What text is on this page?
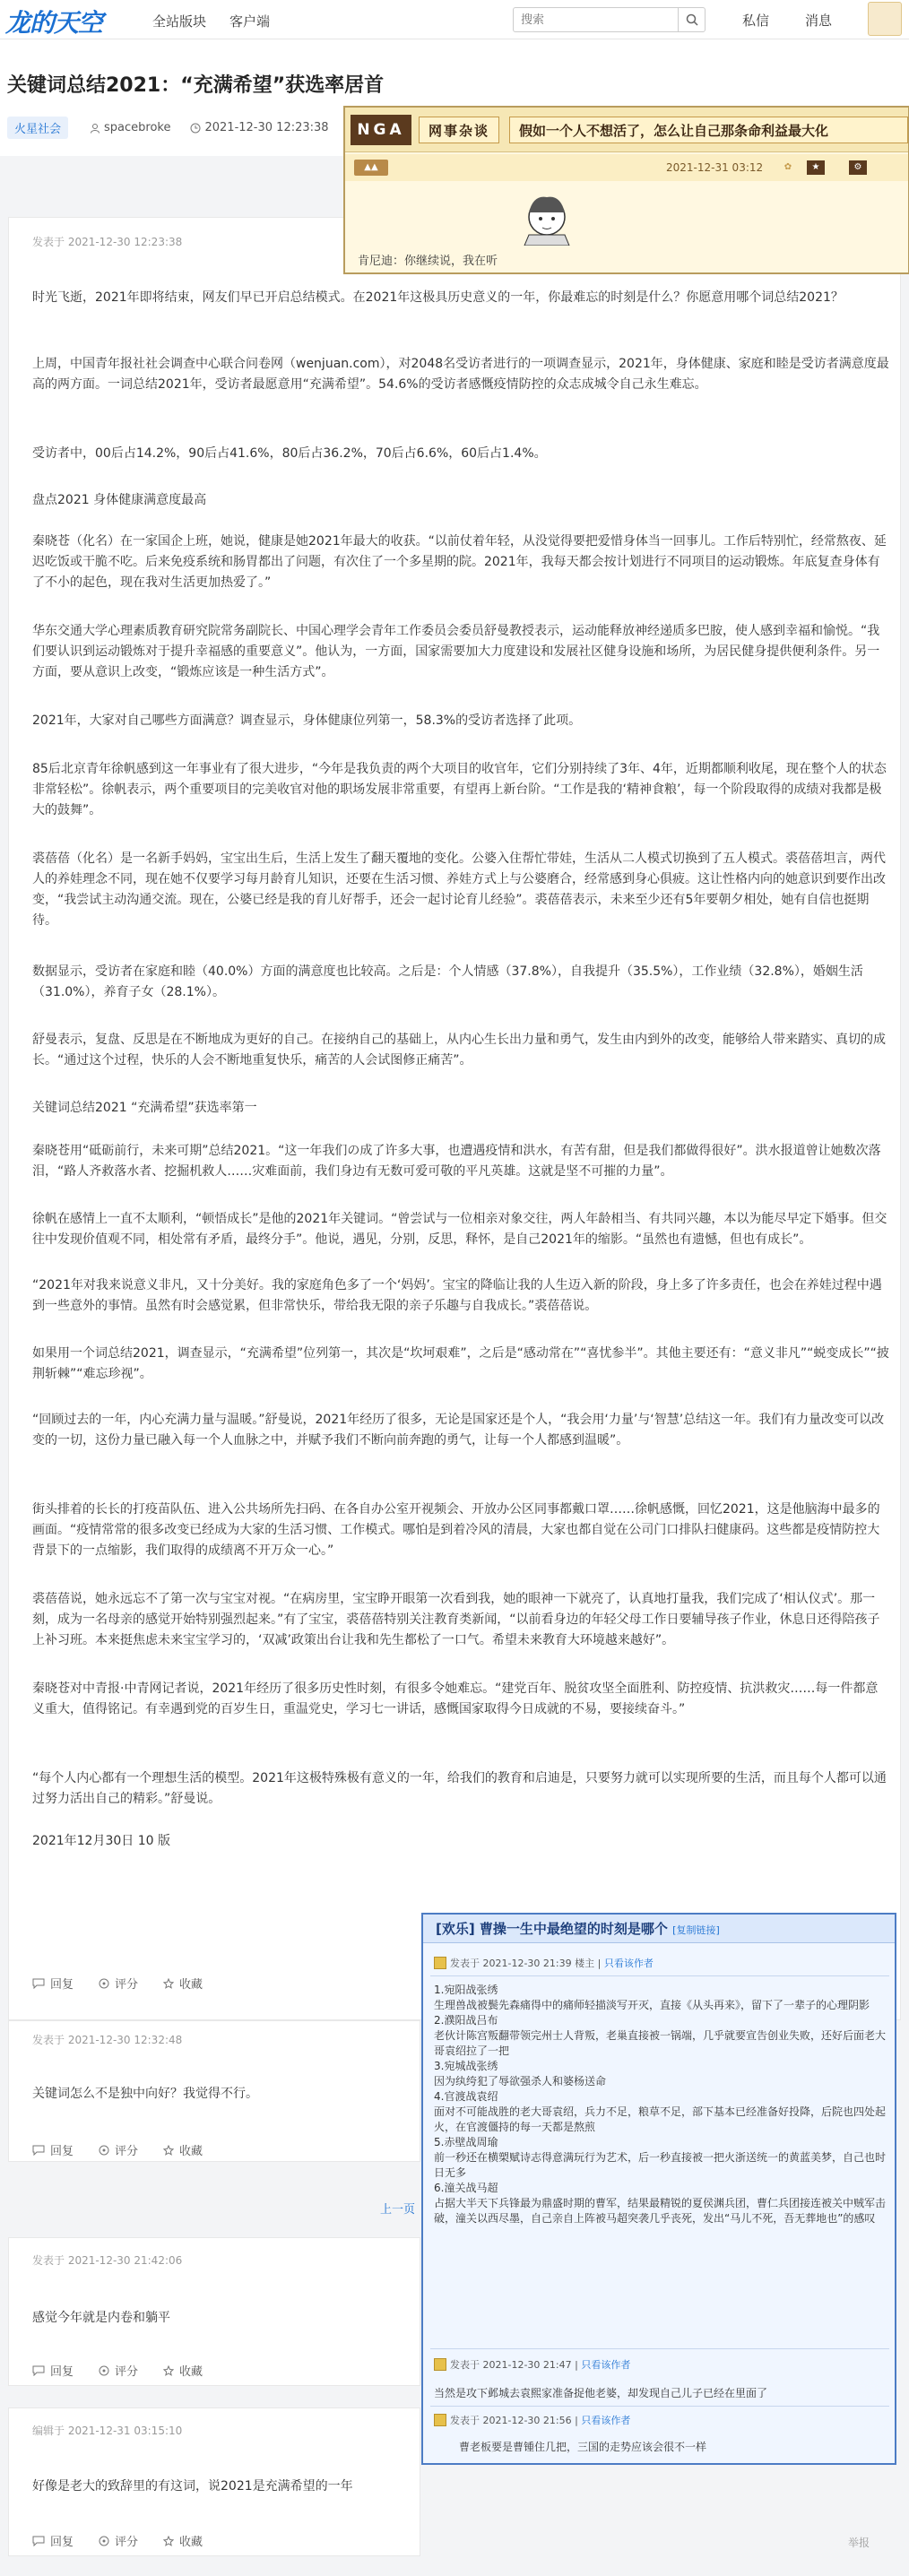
龙的天空	全站版块 客户端
搜索	私信	消息
关键词总结2021：“充满希望”获选率居首
火星社会	spacebroke	2021-12-30 12:23:38
发表于 2021-12-30 12:23:38

时光飞逝，2021年即将结束，网友们早已开启总结模式。在2021年这极具历史意义的一年，你最难忘的时刻是什么？你愿意用哪个词总结2021？

上周，中国青年报社社会调查中心联合问卷网（wenjuan.com），对2048名受访者进行的一项调查显示，2021年，身体健康、家庭和睦是受访者满意度最高的两方面。一词总结2021年，受访者最愿意用“充满希望”。54.6%的受访者感慨疫情防控的众志成城令自己永生难忘。

受访者中，00后占14.2%，90后占41.6%，80后占36.2%，70后占6.6%，60后占1.4%。

盘点2021 身体健康满意度最高

秦晓苍（化名）在一家国企上班，她说，健康是她2021年最大的收获。“以前仗着年轻，从没觉得要把爱惜身体当一回事儿。工作后特别忙，经常熬夜、延迟吃饭或干脆不吃。后来免疫系统和肠胃都出了问题，有次住了一个多星期的院。2021年，我每天都会按计划进行不同项目的运动锻炼。年底复查身体有了不小的起色，现在我对生活更加热爱了。”

华东交通大学心理素质教育研究院常务副院长、中国心理学会青年工作委员会委员舒曼教授表示，运动能释放神经递质多巴胺，使人感到幸福和愉悦。“我们要认识到运动锻炼对于提升幸福感的重要意义”。他认为，一方面，国家需要加大力度建设和发展社区健身设施和场所，为居民健身提供便利条件。另一方面，要从意识上改变，“锻炼应该是一种生活方式”。

2021年，大家对自己哪些方面满意？调查显示，身体健康位列第一，58.3%的受访者选择了此项。

85后北京青年徐帆感到这一年事业有了很大进步，“今年是我负责的两个大项目的收官年，它们分别持续了3年、4年，近期都顺利收尾，现在整个人的状态非常轻松”。徐帆表示，两个重要项目的完美收官对他的职场发展非常重要，有望再上新台阶。“工作是我的‘精神食粮’，每一个阶段取得的成绩对我都是极大的鼓舞”。

裘蓓蓓（化名）是一名新手妈妈，宝宝出生后，生活上发生了翻天覆地的变化。公婆入住帮忙带娃，生活从二人模式切换到了五人模式。裘蓓蓓坦言，两代人的养娃理念不同，现在她不仅要学习每月龄育儿知识，还要在生活习惯、养娃方式上与公婆磨合，经常感到身心俱疲。这让性格内向的她意识到要作出改变，“我尝试主动沟通交流。现在，公婆已经是我的育儿好帮手，还会一起讨论育儿经验”。裘蓓蓓表示，未来至少还有5年要朝夕相处，她有自信也挺期待。

数据显示，受访者在家庭和睦（40.0%）方面的满意度也比较高。之后是：个人情感（37.8%），自我提升（35.5%），工作业绩（32.8%），婚姻生活（31.0%），养育子女（28.1%）。

舒曼表示，复盘、反思是在不断地成为更好的自己。在接纳自己的基础上，从内心生长出力量和勇气，发生由内到外的改变，能够给人带来踏实、真切的成长。“通过这个过程，快乐的人会不断地重复快乐，痛苦的人会试图修正痛苦”。

关键词总结2021 “充满希望”获选率第一

秦晓苍用“砥砺前行，未来可期”总结2021。“这一年我们の成了许多大事，也遭遇疫情和洪水，有苦有甜，但是我们都做得很好”。洪水报道曾让她数次落泪，“路人齐救落水者、挖掘机救人……灾难面前，我们身边有无数可爱可敬的平凡英雄。这就是坚不可摧的力量”。

徐帆在感情上一直不太顺利，“顿悟成长”是他的2021年关键词。“曾尝试与一位相亲对象交往，两人年龄相当、有共同兴趣，本以为能尽早定下婚事。但交往中发现价值观不同，相处常有矛盾，最终分手”。他说，遇见，分别，反思，释怀，是自己2021年的缩影。“虽然也有遗憾，但也有成长”。

“2021年对我来说意义非凡，又十分美好。我的家庭角色多了一个‘妈妈’。宝宝的降临让我的人生迈入新的阶段，身上多了许多责任，也会在养娃过程中遇到一些意外的事情。虽然有时会感觉累，但非常快乐，带给我无限的亲子乐趣与自我成长。”裘蓓蓓说。

如果用一个词总结2021，调查显示，“充满希望”位列第一，其次是“坎坷艰难”，之后是“感动常在”“喜忧参半”。其他主要还有：“意义非凡”“蜕变成长”“披荆斩棘”“难忘珍视”。

“回顾过去的一年，内心充满力量与温暖。”舒曼说，2021年经历了很多，无论是国家还是个人，“我会用‘力量’与‘智慧’总结这一年。我们有力量改变可以改变的一切，这份力量已融入每一个人血脉之中，并赋予我们不断向前奔跑的勇气，让每一个人都感到温暖”。

街头排着的长长的打疫苗队伍、进入公共场所先扫码、在各自办公室开视频会、开放办公区同事都戴口罩……徐帆感慨，回忆2021，这是他脑海中最多的画面。“疫情常常的很多改变已经成为大家的生活习惯、工作模式。哪怕是到着冷风的清晨，大家也都自觉在公司门口排队扫健康码。这些都是疫情防控大背景下的一点缩影，我们取得的成绩离不开万众一心。”

裘蓓蓓说，她永远忘不了第一次与宝宝对视。“在病房里，宝宝睁开眼第一次看到我，她的眼神一下就亮了，认真地打量我，我们完成了‘相认仪式’。那一刻，成为一名母亲的感觉开始特别强烈起来。”有了宝宝，裘蓓蓓特别关注教育类新闻，“以前看身边的年轻父母工作日要辅导孩子作业，休息日还得陪孩子上补习班。本来挺焦虑未来宝宝学习的，‘双减’政策出台让我和先生都松了一口气。希望未来教育大环境越来越好”。

秦晓苍对中青报·中青网记者说，2021年经历了很多历史性时刻，有很多令她难忘。“建党百年、脱贫攻坚全面胜利、防控疫情、抗洪救灾……每一件都意义重大，值得铭记。有幸遇到党的百岁生日，重温党史，学习七一讲话，感慨国家取得今日成就的不易，要接续奋斗。”

“每个人内心都有一个理想生活的模型。2021年这极特殊极有意义的一年，给我们的教育和启迪是，只要努力就可以实现所要的生活，而且每个人都可以通过努力活出自己的精彩。”舒曼说。

2021年12月30日 10 版

回复	评分	收藏
发表于 2021-12-30 12:32:48
关键词怎么不是独中向好？我觉得不行。
回复	评分	收藏
上一页
发表于 2021-12-30 21:42:06
感觉今年就是内卷和躺平
回复	评分	收藏
编辑于 2021-12-31 03:15:10
好像是老大的致辞里的有这词，说2021是充满希望的一年
回复	评分	收藏	举报
NGA	网事杂谈	假如一个人不想活了，怎么让自己那条命利益最大化
▲▲	2021-12-31 03:12	✿	★	⚙
肯尼迪：你继续说，我在听
[欢乐] 曹操一生中最绝望的时刻是哪个 [复制链接]
发表于 2021-12-30 21:39
楼主 | 只看该作者
1.宛阳战张绣
生理兽战被鬓先森痛得中的痛师轻描淡写开灭，直接《从头再来》，留下了一辈子的心理阴影
2.濮阳战吕布
老伙计陈宫叛翻带领完州士人背叛，老巢直接被一锅端，几乎就要宣告创业失败，还好后面老大哥袁绍拉了一把
3.宛城战张绣
因为纨绔犯了辱欲强杀人和婆杨送命
4.官渡战袁绍
面对不可能战胜的老大哥袁绍，兵力不足，粮草不足，部下基本已经准备好投降，后院也四处起火，在官渡僵持的每一天都是熬煎
5.赤壁战周瑜
前一秒还在横槊赋诗志得意满玩行为艺术，后一秒直接被一把火浙送统一的黄蓝美梦，自己也时日无多
6.潼关战马超
占据大半天下兵锋最为鼎盛时期的曹军，结果最精锐的夏侯渊兵团，曹仁兵团接连被关中贼军击破，潼关以西尽墨，自己亲自上阵被马超突袭几乎丧死，发出“马儿不死，吾无葬地也”的感叹
发表于 2021-12-30 21:47 | 只看该作者
当然是攻下邺城去袁熙家准备捉他老婆，却发现自己儿子已经在里面了
发表于 2021-12-30 21:56 | 只看该作者
曹老板要是曹锺住几把，三国的走势应该会很不一样
